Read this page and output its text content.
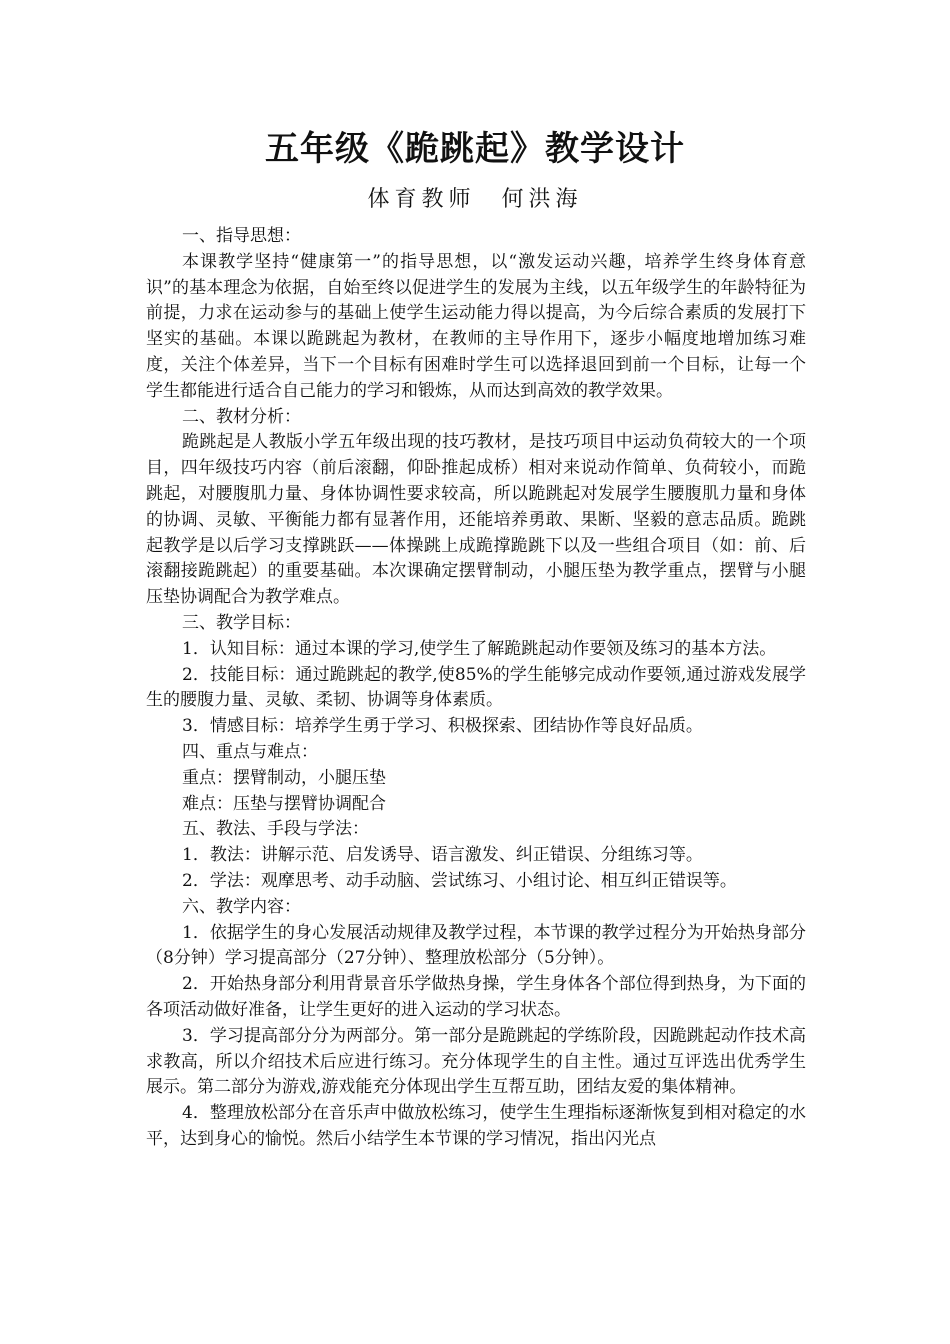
五年级《跪跳起》教学设计
体育教师 何洪海

一、指导思想：

本课教学坚持“健康第一”的指导思想，以“激发运动兴趣，培养学生终身体育意识”的基本理念为依据，自始至终以促进学生的发展为主线，以五年级学生的年龄特征为前提，力求在运动参与的基础上使学生运动能力得以提高，为今后综合素质的发展打下坚实的基础。本课以跪跳起为教材，在教师的主导作用下，逐步小幅度地增加练习难度，关注个体差异，当下一个目标有困难时学生可以选择退回到前一个目标，让每一个学生都能进行适合自己能力的学习和锻炼，从而达到高效的教学效果。

二、教材分析：

跪跳起是人教版小学五年级出现的技巧教材，是技巧项目中运动负荷较大的一个项目，四年级技巧内容（前后滚翻，仰卧推起成桥）相对来说动作简单、负荷较小，而跪跳起，对腰腹肌力量、身体协调性要求较高，所以跪跳起对发展学生腰腹肌力量和身体的协调、灵敏、平衡能力都有显著作用，还能培养勇敢、果断、坚毅的意志品质。跪跳起教学是以后学习支撑跳跃——体操跳上成跪撑跪跳下以及一些组合项目（如：前、后滚翻接跪跳起）的重要基础。本次课确定摆臂制动，小腿压垫为教学重点，摆臂与小腿压垫协调配合为教学难点。

三、教学目标：

1．认知目标：通过本课的学习,使学生了解跪跳起动作要领及练习的基本方法。

2．技能目标：通过跪跳起的教学,使85%的学生能够完成动作要领,通过游戏发展学生的腰腹力量、灵敏、柔韧、协调等身体素质。

3．情感目标：培养学生勇于学习、积极探索、团结协作等良好品质。

四、重点与难点：

重点：摆臂制动，小腿压垫

难点：压垫与摆臂协调配合

五、教法、手段与学法：

1．教法：讲解示范、启发诱导、语言激发、纠正错误、分组练习等。

2．学法：观摩思考、动手动脑、尝试练习、小组讨论、相互纠正错误等。

六、教学内容：

1．依据学生的身心发展活动规律及教学过程，本节课的教学过程分为开始热身部分（8分钟）学习提高部分（27分钟）、整理放松部分（5分钟）。

2．开始热身部分利用背景音乐学做热身操，学生身体各个部位得到热身，为下面的各项活动做好准备，让学生更好的进入运动的学习状态。

3．学习提高部分分为两部分。第一部分是跪跳起的学练阶段，因跪跳起动作技术高求教高，所以介绍技术后应进行练习。充分体现学生的自主性。通过互评选出优秀学生展示。第二部分为游戏,游戏能充分体现出学生互帮互助，团结友爱的集体精神。

4．整理放松部分在音乐声中做放松练习，使学生生理指标逐渐恢复到相对稳定的水平，达到身心的愉悦。然后小结学生本节课的学习情况，指出闪光点
